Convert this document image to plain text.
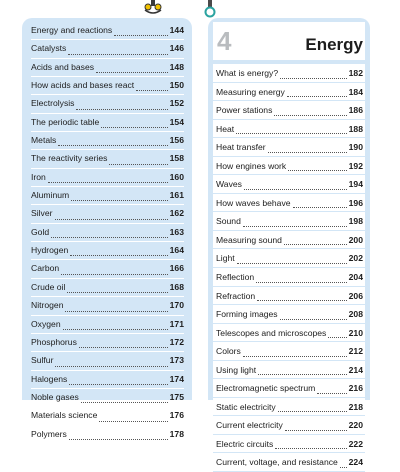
Energy and reactions	144
Catalysts	146
Acids and bases	148
How acids and bases react	150
Electrolysis	152
The periodic table	154
Metals	156
The reactivity series	158
Iron	160
Aluminum	161
Silver	162
Gold	163
Hydrogen	164
Carbon	166
Crude oil	168
Nitrogen	170
Oxygen	171
Phosphorus	172
Sulfur	173
Halogens	174
Noble gases	175
Materials science	176
Polymers	178
4	Energy
What is energy?	182
Measuring energy	184
Power stations	186
Heat	188
Heat transfer	190
How engines work	192
Waves	194
How waves behave	196
Sound	198
Measuring sound	200
Light	202
Reflection	204
Refraction	206
Forming images	208
Telescopes and microscopes	210
Colors	212
Using light	214
Electromagnetic spectrum	216
Static electricity	218
Current electricity	220
Electric circuits	222
Current, voltage, and resistance 224
